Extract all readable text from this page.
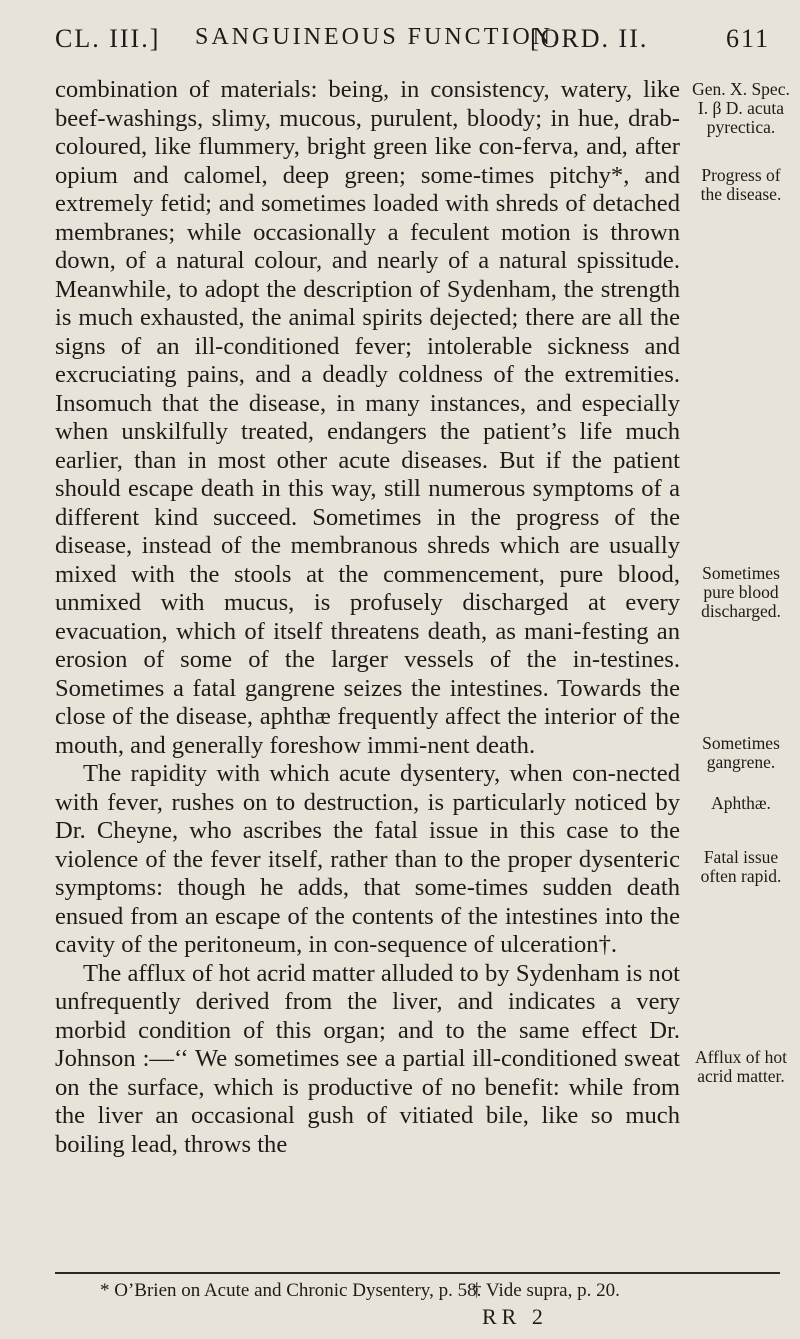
CL. III.] SANGUINEOUS FUNCTION.
[ORD. II.	611

combination of materials: being, in consistency, watery, like beef-washings, slimy, mucous, purulent, bloody; in hue, drab-coloured, like flummery, bright green like con-ferva, and, after opium and calomel, deep green; some-times pitchy*, and extremely fetid; and sometimes loaded with shreds of detached membranes; while occasionally a feculent motion is thrown down, of a natural colour, and nearly of a natural spissitude. Meanwhile, to adopt the description of Sydenham, the strength is much exhausted, the animal spirits dejected; there are all the signs of an ill-conditioned fever; intolerable sickness and excruciating pains, and a deadly coldness of the extremities. Insomuch that the disease, in many instances, and especially when unskilfully treated, endangers the patient’s life much earlier, than in most other acute diseases. But if the patient should escape death in this way, still numerous symptoms of a different kind succeed. Sometimes in the progress of the disease, instead of the membranous shreds which are usually mixed with the stools at the commencement, pure blood, unmixed with mucus, is profusely discharged at every evacuation, which of itself threatens death, as mani-festing an erosion of some of the larger vessels of the in-testines. Sometimes a fatal gangrene seizes the intestines. Towards the close of the disease, aphthæ frequently affect the interior of the mouth, and generally foreshow immi-nent death.

The rapidity with which acute dysentery, when con-nected with fever, rushes on to destruction, is particularly noticed by Dr. Cheyne, who ascribes the fatal issue in this case to the violence of the fever itself, rather than to the proper dysenteric symptoms: though he adds, that some-times sudden death ensued from an escape of the contents of the intestines into the cavity of the peritoneum, in con-sequence of ulceration†.

The afflux of hot acrid matter alluded to by Sydenham is not unfrequently derived from the liver, and indicates a very morbid condition of this organ; and to the same effect Dr. Johnson :—‘‘ We sometimes see a partial ill-conditioned sweat on the surface, which is productive of no benefit: while from the liver an occasional gush of vitiated bile, like so much boiling lead, throws the

Gen. X. Spec. I. β D. acuta pyrectica.
Progress of the disease.
Sometimes pure blood discharged.
Sometimes gangrene.
Aphthæ.
Fatal issue often rapid.
Afflux of hot acrid matter.
* O’Brien on Acute and Chronic Dysentery, p. 58.
† Vide supra, p. 20.
RR 2
